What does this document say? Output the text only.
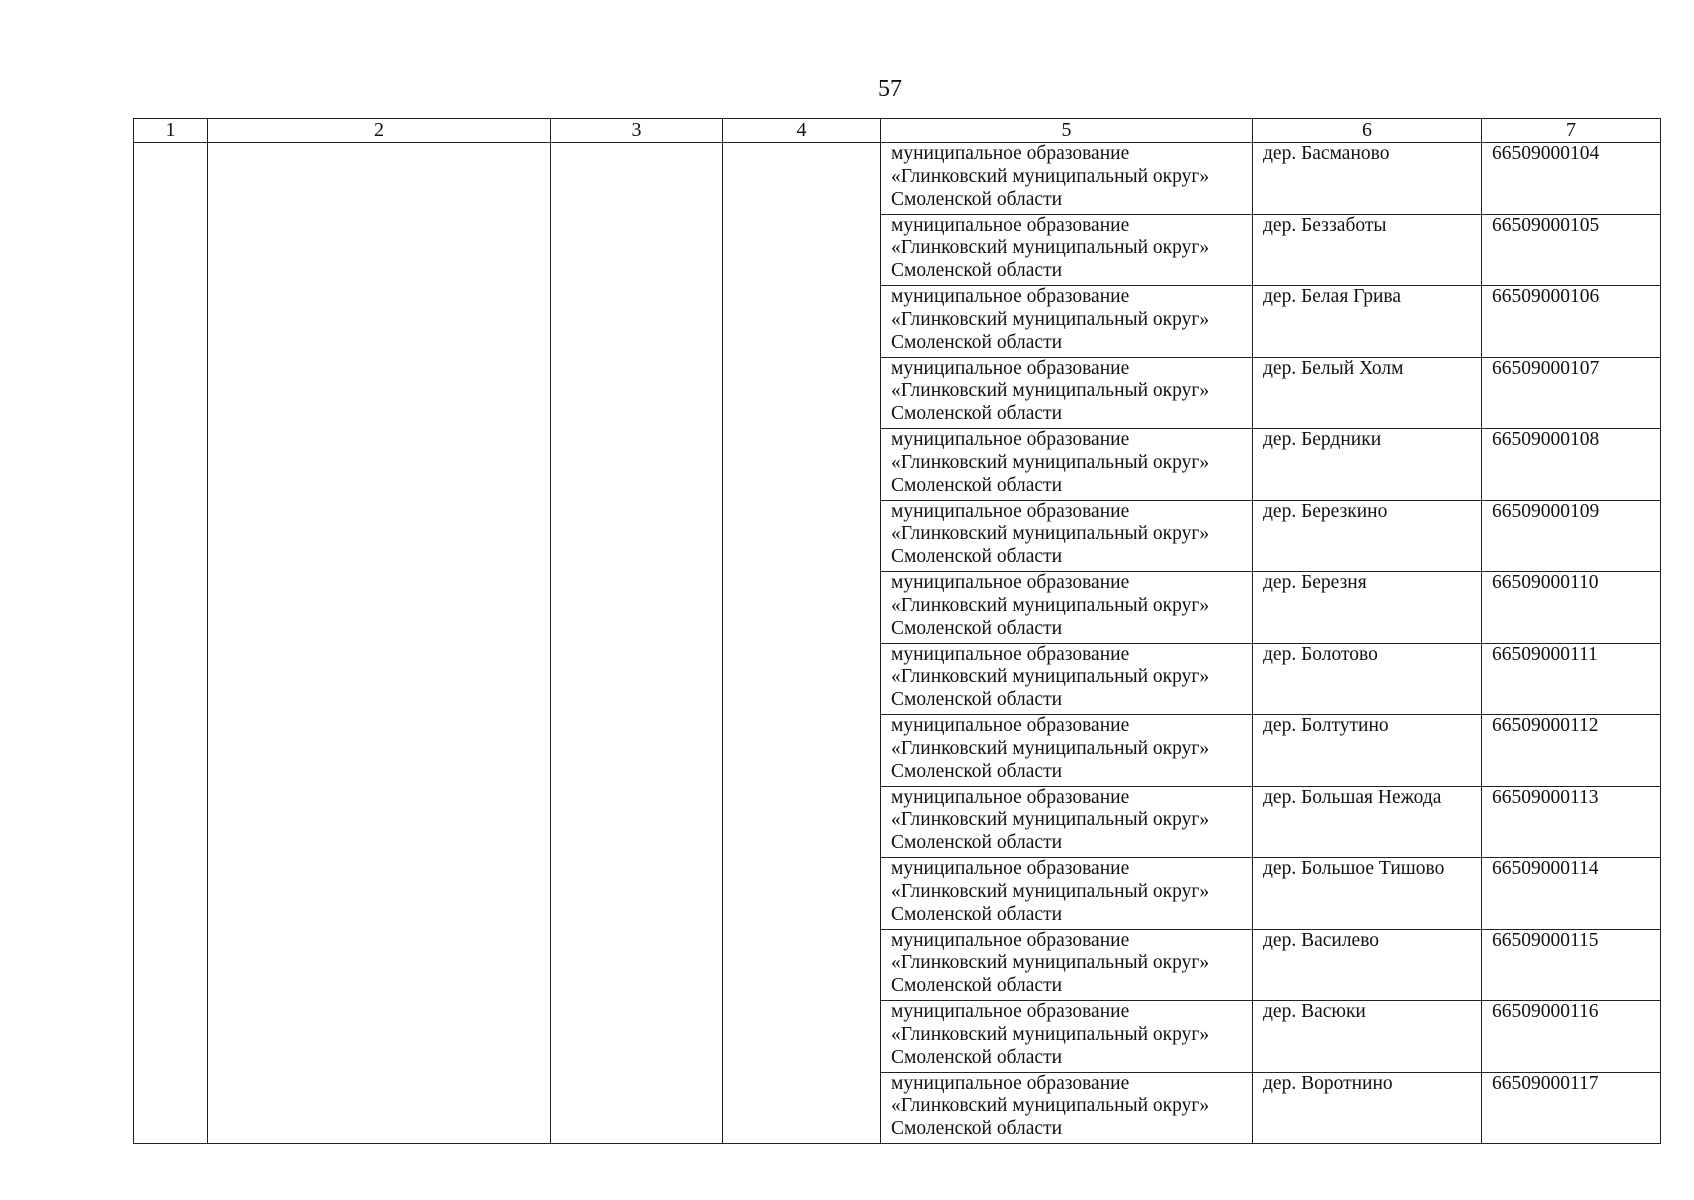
57
1	2	3	4	5	6	7

				муниципальное образование
«Глинковский муниципальный округ»
Смоленской области	дер. Басманово	66509000104

				муниципальное образование
«Глинковский муниципальный округ»
Смоленской области	дер. Беззаботы	66509000105

				муниципальное образование
«Глинковский муниципальный округ»
Смоленской области	дер. Белая Грива	66509000106

				муниципальное образование
«Глинковский муниципальный округ»
Смоленской области	дер. Белый Холм	66509000107

				муниципальное образование
«Глинковский муниципальный округ»
Смоленской области	дер. Бердники	66509000108

				муниципальное образование
«Глинковский муниципальный округ»
Смоленской области	дер. Березкино	66509000109

				муниципальное образование
«Глинковский муниципальный округ»
Смоленской области	дер. Березня	66509000110

				муниципальное образование
«Глинковский муниципальный округ»
Смоленской области	дер. Болотово	66509000111

				муниципальное образование
«Глинковский муниципальный округ»
Смоленской области	дер. Болтутино	66509000112

				муниципальное образование
«Глинковский муниципальный округ»
Смоленской области	дер. Большая Нежода	66509000113

				муниципальное образование
«Глинковский муниципальный округ»
Смоленской области	дер. Большое Тишово	66509000114

				муниципальное образование
«Глинковский муниципальный округ»
Смоленской области	дер. Василево	66509000115

				муниципальное образование
«Глинковский муниципальный округ»
Смоленской области	дер. Васюки	66509000116

				муниципальное образование
«Глинковский муниципальный округ»
Смоленской области	дер. Воротнино	66509000117
